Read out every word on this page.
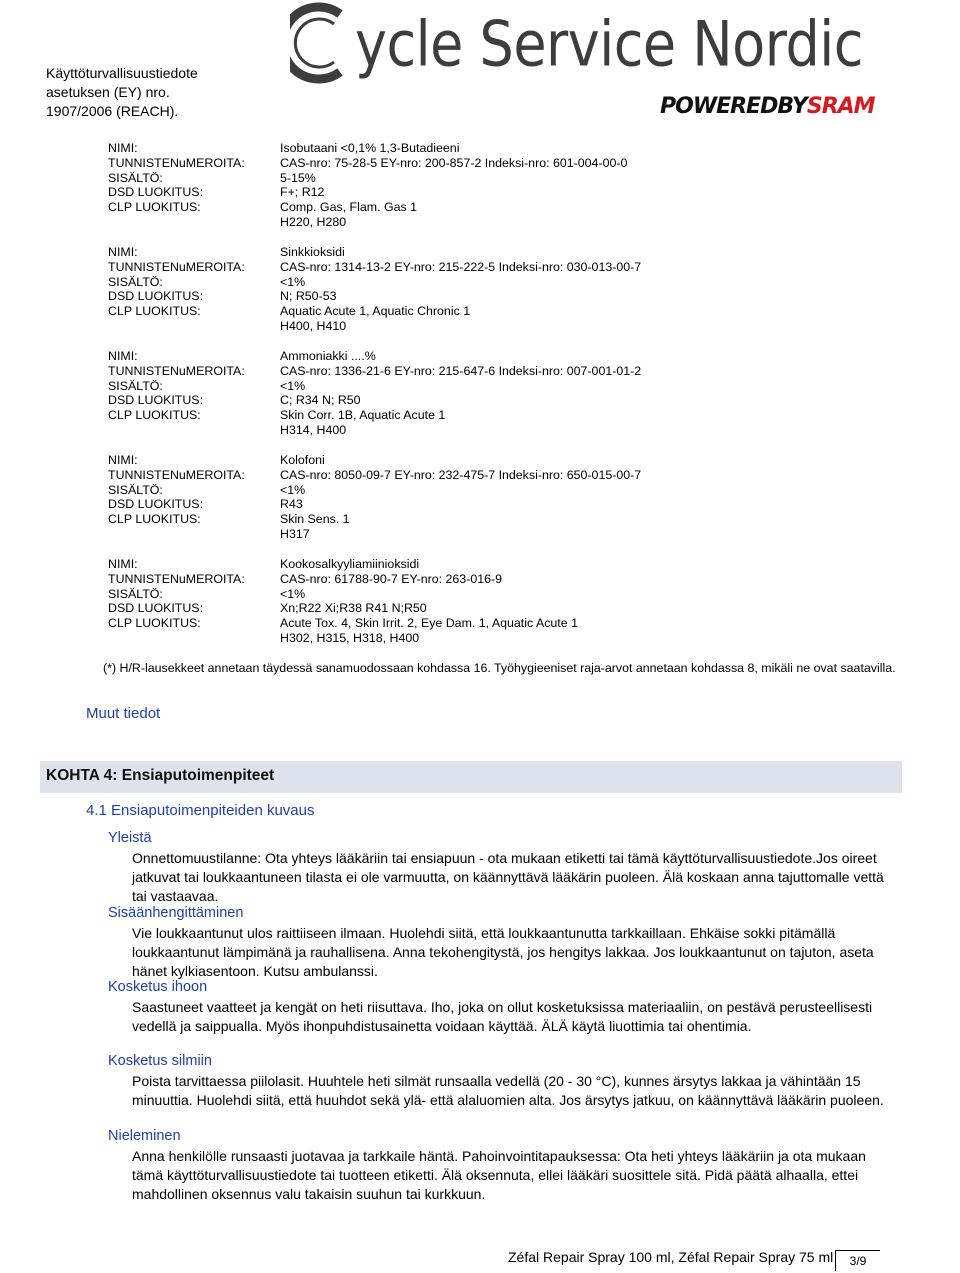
Käyttöturvallisuustiedote
asetuksen (EY) nro.
1907/2006 (REACH).
ycle Service Nordic
POWEREDBYSRAM
NIMI:	Isobutaani <0,1% 1,3-Butadieeni
TUNNISTENuMEROITA:	CAS-nro: 75-28-5 EY-nro: 200-857-2 Indeksi-nro: 601-004-00-0
SISÄLTÖ:	5-15%
DSD LUOKITUS:	F+; R12
CLP LUOKITUS:	Comp. Gas, Flam. Gas 1
H220, H280
NIMI:	Sinkkioksidi
TUNNISTENuMEROITA:	CAS-nro: 1314-13-2 EY-nro: 215-222-5 Indeksi-nro: 030-013-00-7
SISÄLTÖ:	<1%
DSD LUOKITUS:	N; R50-53
CLP LUOKITUS:	Aquatic Acute 1, Aquatic Chronic 1
H400, H410
NIMI:	Ammoniakki ....%
TUNNISTENuMEROITA:	CAS-nro: 1336-21-6 EY-nro: 215-647-6 Indeksi-nro: 007-001-01-2
SISÄLTÖ:	<1%
DSD LUOKITUS:	C; R34 N; R50
CLP LUOKITUS:	Skin Corr. 1B, Aquatic Acute 1
H314, H400
NIMI:	Kolofoni
TUNNISTENuMEROITA:	CAS-nro: 8050-09-7 EY-nro: 232-475-7 Indeksi-nro: 650-015-00-7
SISÄLTÖ:	<1%
DSD LUOKITUS:	R43
CLP LUOKITUS:	Skin Sens. 1
H317
NIMI:	Kookosalkyyliamiinioksidi
TUNNISTENuMEROITA:	CAS-nro: 61788-90-7 EY-nro: 263-016-9
SISÄLTÖ:	<1%
DSD LUOKITUS:	Xn;R22 Xi;R38 R41 N;R50
CLP LUOKITUS:	Acute Tox. 4, Skin Irrit. 2, Eye Dam. 1, Aquatic Acute 1
H302, H315, H318, H400
(*) H/R-lausekkeet annetaan täydessä sanamuodossaan kohdassa 16. Työhygieeniset raja-arvot annetaan kohdassa 8, mikäli ne ovat saatavilla.
Muut tiedot
KOHTA 4: Ensiaputoimenpiteet
4.1 Ensiaputoimenpiteiden kuvaus
Yleistä
Onnettomuustilanne: Ota yhteys lääkäriin tai ensiapuun - ota mukaan etiketti tai tämä käyttöturvallisuustiedote.Jos oireet jatkuvat tai loukkaantuneen tilasta ei ole varmuutta, on käännyttävä lääkärin puoleen. Älä koskaan anna tajuttomalle vettä tai vastaavaa.
Sisäänhengittäminen
Vie loukkaantunut ulos raittiiseen ilmaan. Huolehdi siitä, että loukkaantunutta tarkkaillaan. Ehkäise sokki pitämällä loukkaantunut lämpimänä ja rauhallisena. Anna tekohengitystä, jos hengitys lakkaa. Jos loukkaantunut on tajuton, aseta hänet kylkiasentoon. Kutsu ambulanssi.
Kosketus ihoon
Saastuneet vaatteet ja kengät on heti riisuttava. Iho, joka on ollut kosketuksissa materiaaliin, on pestävä perusteellisesti vedellä ja saippualla. Myös ihonpuhdistusainetta voidaan käyttää. ÄLÄ käytä liuottimia tai ohentimia.
Kosketus silmiin
Poista tarvittaessa piilolasit. Huuhtele heti silmät runsaalla vedellä (20 - 30 °C), kunnes ärsytys lakkaa ja vähintään 15 minuuttia. Huolehdi siitä, että huuhdot sekä ylä- että alaluomien alta. Jos ärsytys jatkuu, on käännyttävä lääkärin puoleen.
Nieleminen
Anna henkilölle runsaasti juotavaa ja tarkkaile häntä. Pahoinvointitapauksessa: Ota heti yhteys lääkäriin ja ota mukaan tämä käyttöturvallisuustiedote tai tuotteen etiketti. Älä oksennuta, ellei lääkäri suosittele sitä. Pidä päätä alhaalla, ettei mahdollinen oksennus valu takaisin suuhun tai kurkkuun.
Zéfal Repair Spray 100 ml, Zéfal Repair Spray 75 ml	3/9
